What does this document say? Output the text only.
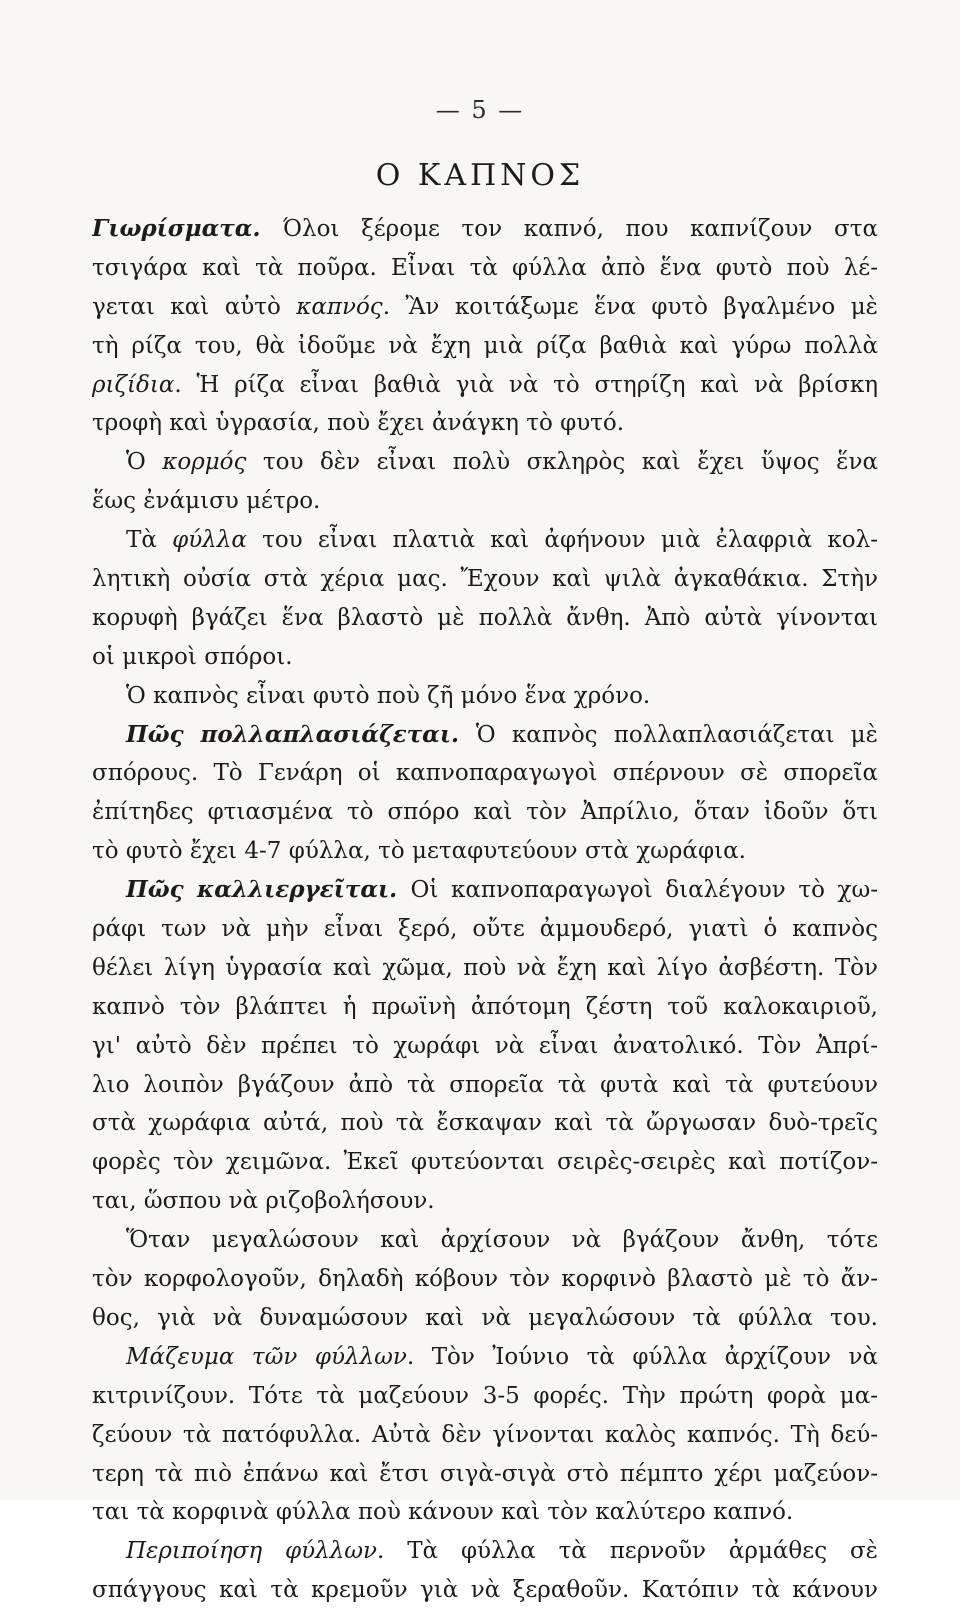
— 5 —
Ο ΚΑΠΝΟΣ
Γιωρίσματα. Όλοι ξέρομε τον καπνό, που καπνίζουν στα
τσιγάρα καὶ τὰ ποῦρα. Εἶναι τὰ φύλλα ἀπὸ ἕνα φυτὸ ποὺ λέ-
γεται καὶ αὐτὸ καπνός. Ἂν κοιτάξωμε ἕνα φυτὸ βγαλμένο μὲ
τὴ ρίζα του, θὰ ἰδοῦμε νὰ ἔχη μιὰ ρίζα βαθιὰ καὶ γύρω πολλὰ
ριζίδια. Ἡ ρίζα εἶναι βαθιὰ γιὰ νὰ τὸ στηρίζη καὶ νὰ βρίσκη
τροφὴ καὶ ὑγρασία, ποὺ ἔχει ἀνάγκη τὸ φυτό.
Ὁ κορμός του δὲν εἶναι πολὺ σκληρὸς καὶ ἔχει ὕψος ἕνα
ἕως ἐνάμισυ μέτρο.
Τὰ φύλλα του εἶναι πλατιὰ καὶ ἀφήνουν μιὰ ἐλαφριὰ κολ-
λητικὴ οὐσία στὰ χέρια μας. Ἔχουν καὶ ψιλὰ ἀγκαθάκια. Στὴν
κορυφὴ βγάζει ἕνα βλαστὸ μὲ πολλὰ ἄνθη. Ἀπὸ αὐτὰ γίνονται
οἱ μικροὶ σπόροι.
Ὁ καπνὸς εἶναι φυτὸ ποὺ ζῆ μόνο ἕνα χρόνο.
Πῶς πολλαπλασιάζεται. Ὁ καπνὸς πολλαπλασιάζεται μὲ
σπόρους. Τὸ Γενάρη οἱ καπνοπαραγωγοὶ σπέρνουν σὲ σπορεῖα
ἐπίτηδες φτιασμένα τὸ σπόρο καὶ τὸν Ἀπρίλιο, ὅταν ἰδοῦν ὅτι
τὸ φυτὸ ἔχει 4-7 φύλλα, τὸ μεταφυτεύουν στὰ χωράφια.
Πῶς καλλιεργεῖται. Οἱ καπνοπαραγωγοὶ διαλέγουν τὸ χω-
ράφι των νὰ μὴν εἶναι ξερό, οὔτε ἀμμουδερό, γιατὶ ὁ καπνὸς
θέλει λίγη ὑγρασία καὶ χῶμα, ποὺ νὰ ἔχη καὶ λίγο ἀσβέστη. Τὸν
καπνὸ τὸν βλάπτει ἡ πρωϊνὴ ἀπότομη ζέστη τοῦ καλοκαιριοῦ,
γι' αὐτὸ δὲν πρέπει τὸ χωράφι νὰ εἶναι ἀνατολικό. Τὸν Ἀπρί-
λιο λοιπὸν βγάζουν ἀπὸ τὰ σπορεῖα τὰ φυτὰ καὶ τὰ φυτεύουν
στὰ χωράφια αὐτά, ποὺ τὰ ἔσκαψαν καὶ τὰ ὤργωσαν δυὸ-τρεῖς
φορὲς τὸν χειμῶνα. Ἐκεῖ φυτεύονται σειρὲς-σειρὲς καὶ ποτίζον-
ται, ὥσπου νὰ ριζοβολήσουν.
Ὅταν μεγαλώσουν καὶ ἀρχίσουν νὰ βγάζουν ἄνθη, τότε
τὸν κορφολογοῦν, δηλαδὴ κόβουν τὸν κορφινὸ βλαστὸ μὲ τὸ ἄν-
θος, γιὰ νὰ δυναμώσουν καὶ νὰ μεγαλώσουν τὰ φύλλα του.
Μάζευμα τῶν φύλλων. Τὸν Ἰούνιο τὰ φύλλα ἀρχίζουν νὰ
κιτρινίζουν. Τότε τὰ μαζεύουν 3-5 φορές. Τὴν πρώτη φορὰ μα-
ζεύουν τὰ πατόφυλλα. Αὐτὰ δὲν γίνονται καλὸς καπνός. Τὴ δεύ-
τερη τὰ πιὸ ἐπάνω καὶ ἔτσι σιγὰ-σιγὰ στὸ πέμπτο χέρι μαζεύον-
ται τὰ κορφινὰ φύλλα ποὺ κάνουν καὶ τὸν καλύτερο καπνό.
Περιποίηση φύλλων. Τὰ φύλλα τὰ περνοῦν ἀρμάθες σὲ
σπάγγους καὶ τὰ κρεμοῦν γιὰ νὰ ξεραθοῦν. Κατόπιν τὰ κάνουν
